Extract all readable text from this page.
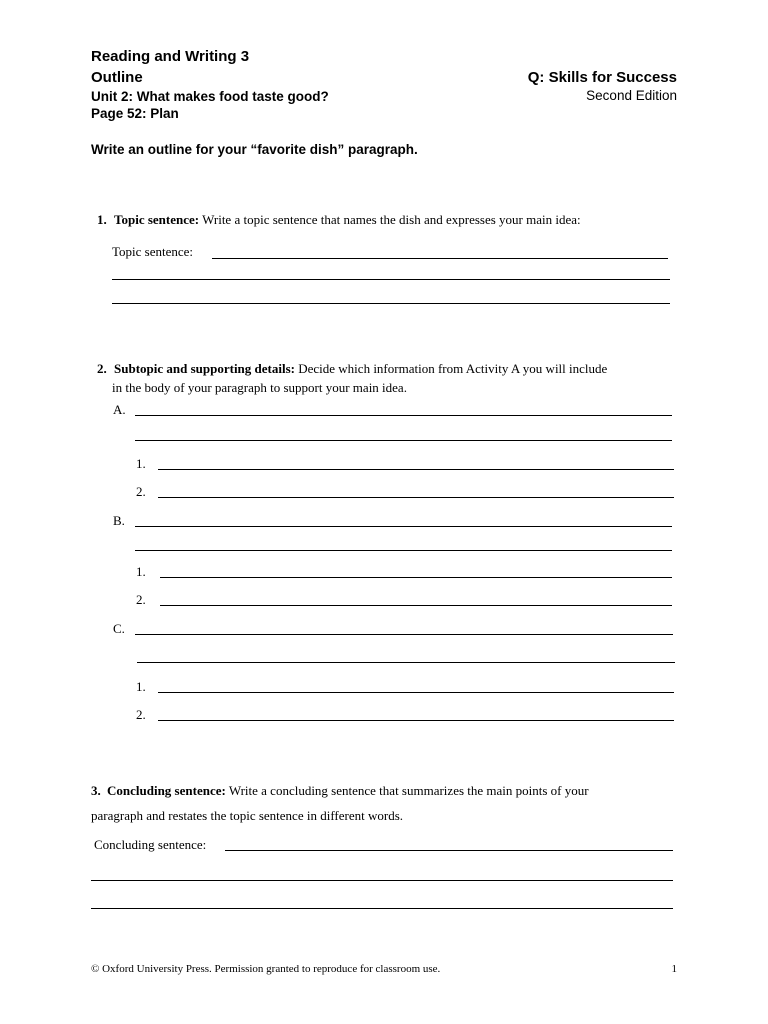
Reading and Writing 3
Outline
Unit 2: What makes food taste good?
Page 52: Plan
Q: Skills for Success
Second Edition
Write an outline for your “favorite dish” paragraph.
1. Topic sentence: Write a topic sentence that names the dish and expresses your main idea:
Topic sentence:
2. Subtopic and supporting details: Decide which information from Activity A you will include
in the body of your paragraph to support your main idea.
A.
1.
2.
B.
1.
2.
C.
1.
2.
3. Concluding sentence: Write a concluding sentence that summarizes the main points of your
paragraph and restates the topic sentence in different words.
Concluding sentence:
© Oxford University Press. Permission granted to reproduce for classroom use.	1
